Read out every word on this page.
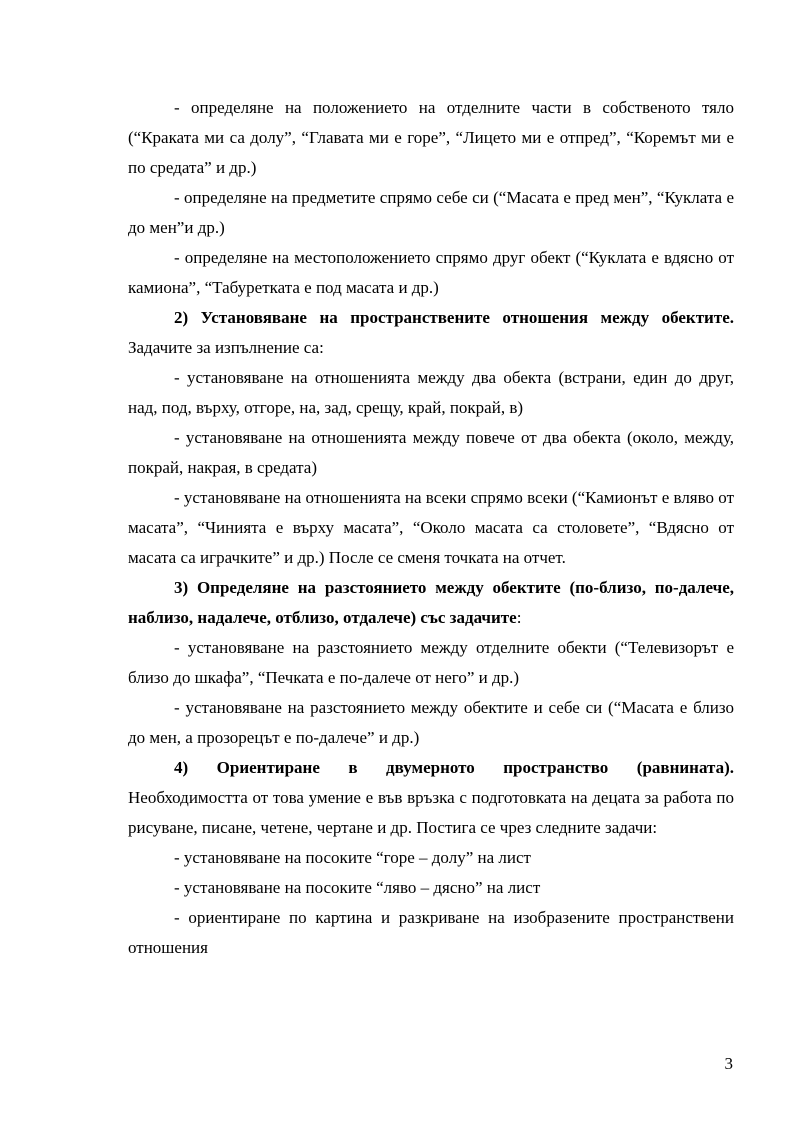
- определяне на положението на отделните части в собственото тяло (“Краката ми са долу”, “Главата ми е горе”, “Лицето ми е отпред”, “Коремът ми е по средата” и др.)

- определяне на предметите спрямо себе си (“Масата е пред мен”, “Куклата е до мен”и др.)

- определяне на местоположението спрямо друг обект (“Куклата е вдясно от камиона”, “Табуретката е под масата и др.)

2) Установяване на пространствените отношения между обектите. Задачите за изпълнение са:

- установяване на отношенията между два обекта (встрани, един до друг, над, под, върху, отгоре, на, зад, срещу, край, покрай, в)

- установяване на отношенията между повече от два обекта (около, между, покрай, накрая, в средата)

- установяване на отношенията на всеки спрямо всеки (“Камионът е вляво от масата”, “Чинията е върху масата”, “Около масата са столовете”, “Вдясно от масата са играчките” и др.) После се сменя точката на отчет.

3) Определяне на разстоянието между обектите (по-близо, по-далече, наблизо, надалече, отблизо, отдалече) със задачите:

- установяване на разстоянието между отделните обекти (“Телевизорът е близо до шкафа”, “Печката е по-далече от него” и др.)

- установяване на разстоянието между обектите и себе си (“Масата е близо до мен, а прозорецът е по-далече” и др.)

4) Ориентиране в двумерното пространство (равнината). Необходимостта от това умение е във връзка с подготовката на децата за работа по рисуване, писане, четене, чертане и др. Постига се чрез следните задачи:

- установяване на посоките “горе – долу” на лист

- установяване на посоките “ляво – дясно” на лист

- ориентиране по картина и разкриване на изобразените пространствени отношения

3
